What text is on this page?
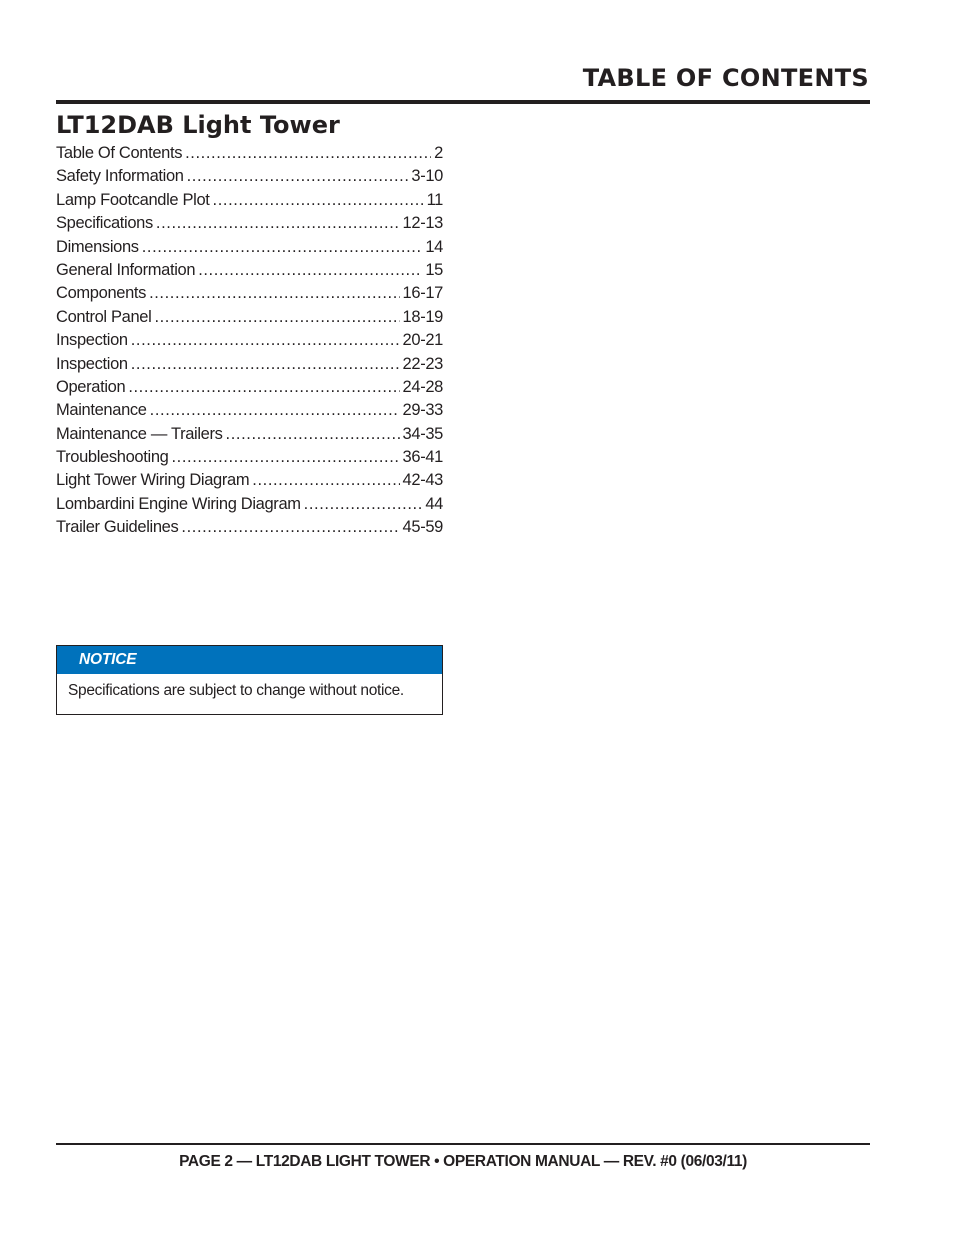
TABLE OF CONTENTS
LT12DAB Light Tower
Table Of Contents .....	2
Safety Information .....	3-10
Lamp Footcandle Plot .....	11
Specifications .....	12-13
Dimensions .....	14
General Information .....	15
Components .....	16-17
Control Panel .....	18-19
Inspection .....	20-21
Inspection .....	22-23
Operation .....	24-28
Maintenance .....	29-33
Maintenance — Trailers .....	34-35
Troubleshooting .....	36-41
Light Tower Wiring Diagram .....	42-43
Lombardini Engine Wiring Diagram .....	44
Trailer Guidelines .....	45-59
NOTICE
Specifications are subject to change without notice.
PAGE 2 — LT12DAB LIGHT TOWER • OPERATION MANUAL — REV. #0 (06/03/11)
